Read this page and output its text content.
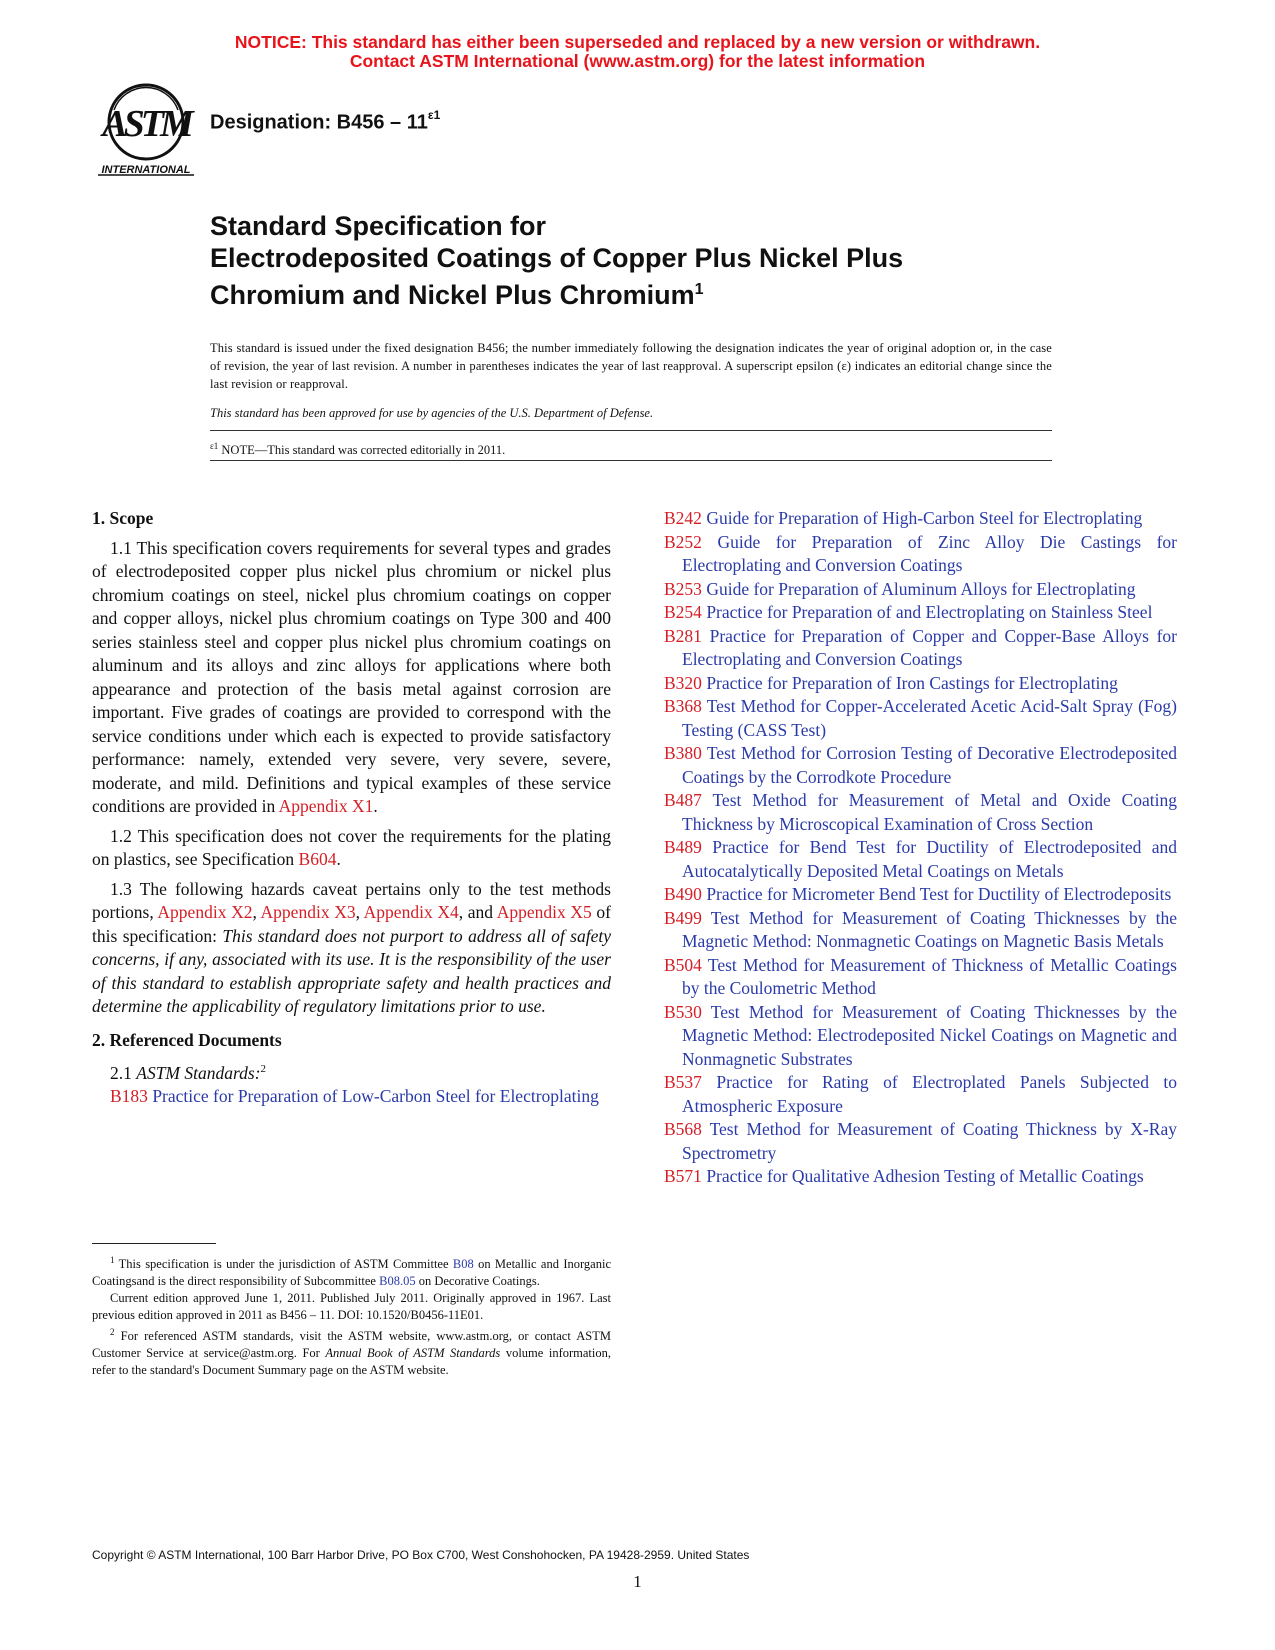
NOTICE: This standard has either been superseded and replaced by a new version or withdrawn.
Contact ASTM International (www.astm.org) for the latest information
ASTM
INTERNATIONAL
Designation: $B456 - 11^{\varepsilon 1}$
Standard Specification for
Electrodeposited Coatings of Copper Plus Nickel Plus
Chromium and Nickel Plus Chromium$^1$
This standard is issued under the fixed designation B456; the number immediately following the designation indicates the year of original adoption or, in the case of revision, the year of last revision. A number in parentheses indicates the year of last reapproval. A superscript epsilon (ε) indicates an editorial change since the last revision or reapproval.
This standard has been approved for use by agencies of the U.S. Department of Defense.
$^{\varepsilon 1}$ NOTE—This standard was corrected editorially in 2011.

1. Scope

1.1 This specification covers requirements for several types and grades of electrodeposited copper plus nickel plus chromium or nickel plus chromium coatings on steel, nickel plus chromium coatings on copper and copper alloys, nickel plus chromium coatings on Type 300 and 400 series stainless steel and copper plus nickel plus chromium coatings on aluminum and its alloys and zinc alloys for applications where both appearance and protection of the basis metal against corrosion are important. Five grades of coatings are provided to correspond with the service conditions under which each is expected to provide satisfactory performance: namely, extended very severe, very severe, severe, moderate, and mild. Definitions and typical examples of these service conditions are provided in Appendix X1.

1.2 This specification does not cover the requirements for the plating on plastics, see Specification B604.

1.3 The following hazards caveat pertains only to the test methods portions, Appendix X2, Appendix X3, Appendix X4, and Appendix X5 of this specification: This standard does not purport to address all of safety concerns, if any, associated with its use. It is the responsibility of the user of this standard to establish appropriate safety and health practices and determine the applicability of regulatory limitations prior to use.

2. Referenced Documents

2.1 ASTM Standards:$^2$

B183 Practice for Preparation of Low-Carbon Steel for Electroplating

$^1$ This specification is under the jurisdiction of ASTM Committee B08 on Metallic and Inorganic Coatingsand is the direct responsibility of Subcommittee B08.05 on Decorative Coatings.

Current edition approved June 1, 2011. Published July 2011. Originally approved in 1967. Last previous edition approved in 2011 as B456 – 11. DOI: 10.1520/B0456-11E01.

$^2$ For referenced ASTM standards, visit the ASTM website, www.astm.org, or contact ASTM Customer Service at service@astm.org. For Annual Book of ASTM Standards volume information, refer to the standard's Document Summary page on the ASTM website.

B242 Guide for Preparation of High-Carbon Steel for Electroplating

B252 Guide for Preparation of Zinc Alloy Die Castings for Electroplating and Conversion Coatings

B253 Guide for Preparation of Aluminum Alloys for Electroplating

B254 Practice for Preparation of and Electroplating on Stainless Steel

B281 Practice for Preparation of Copper and Copper-Base Alloys for Electroplating and Conversion Coatings

B320 Practice for Preparation of Iron Castings for Electroplating

B368 Test Method for Copper-Accelerated Acetic Acid-Salt Spray (Fog) Testing (CASS Test)

B380 Test Method for Corrosion Testing of Decorative Electrodeposited Coatings by the Corrodkote Procedure

B487 Test Method for Measurement of Metal and Oxide Coating Thickness by Microscopical Examination of Cross Section

B489 Practice for Bend Test for Ductility of Electrodeposited and Autocatalytically Deposited Metal Coatings on Metals

B490 Practice for Micrometer Bend Test for Ductility of Electrodeposits

B499 Test Method for Measurement of Coating Thicknesses by the Magnetic Method: Nonmagnetic Coatings on Magnetic Basis Metals

B504 Test Method for Measurement of Thickness of Metallic Coatings by the Coulometric Method

B530 Test Method for Measurement of Coating Thicknesses by the Magnetic Method: Electrodeposited Nickel Coatings on Magnetic and Nonmagnetic Substrates

B537 Practice for Rating of Electroplated Panels Subjected to Atmospheric Exposure

B568 Test Method for Measurement of Coating Thickness by X-Ray Spectrometry

B571 Practice for Qualitative Adhesion Testing of Metallic Coatings

Copyright © ASTM International, 100 Barr Harbor Drive, PO Box C700, West Conshohocken, PA 19428-2959. United States
1
